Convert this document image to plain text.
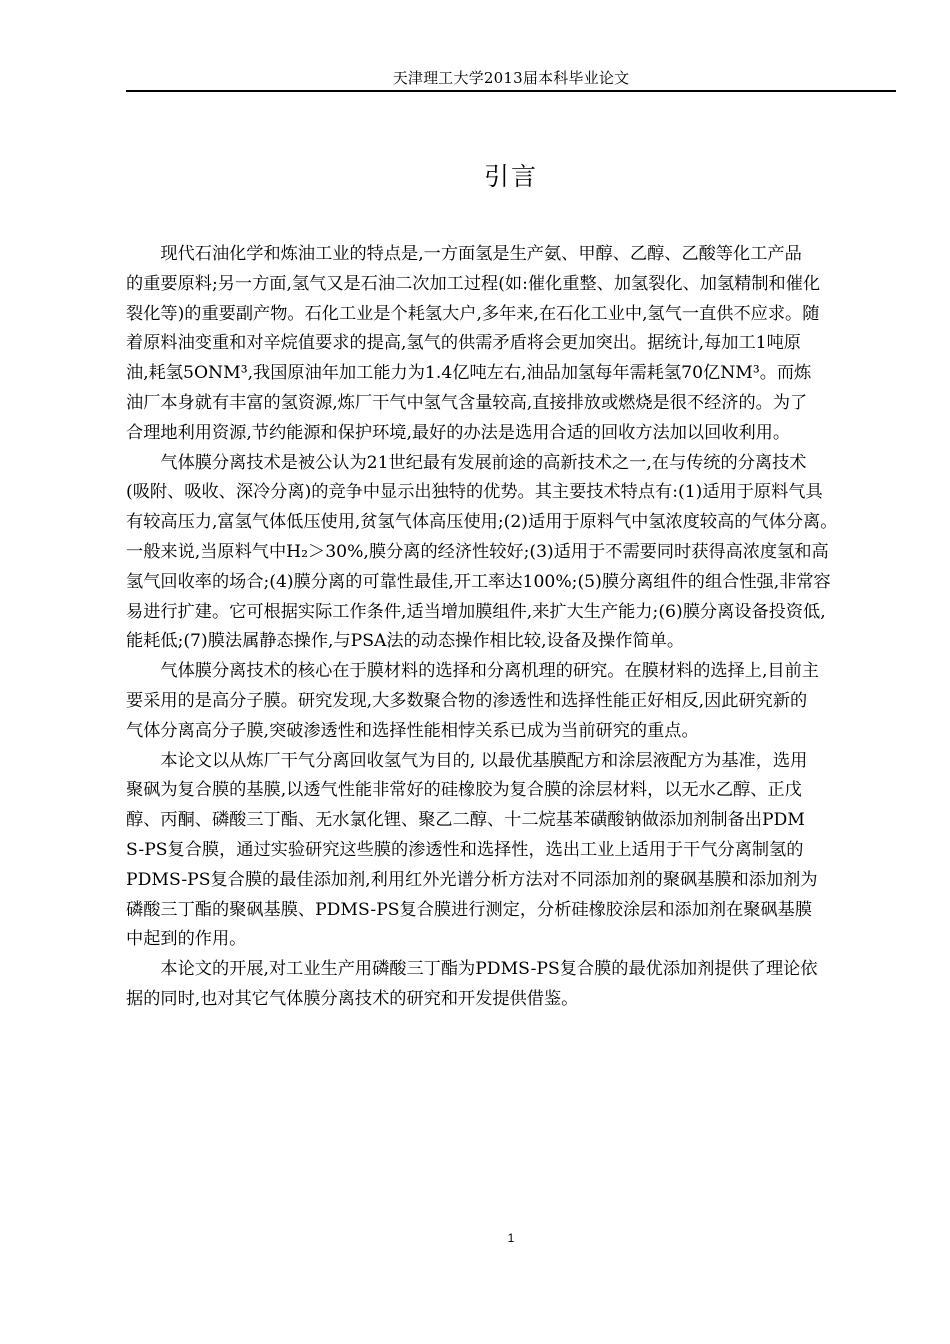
天津理工大学2013届本科毕业论文
引言

现代石油化学和炼油工业的特点是,一方面氢是生产氨、甲醇、乙醇、乙酸等化工产品
的重要原料;另一方面,氢气又是石油二次加工过程(如:催化重整、加氢裂化、加氢精制和催化
裂化等)的重要副产物。石化工业是个耗氢大户,多年来,在石化工业中,氢气一直供不应求。随
着原料油变重和对辛烷值要求的提高,氢气的供需矛盾将会更加突出。据统计,每加工1吨原
油,耗氢5ONM³,我国原油年加工能力为1.4亿吨左右,油品加氢每年需耗氢70亿NM³。而炼
油厂本身就有丰富的氢资源,炼厂干气中氢气含量较高,直接排放或燃烧是很不经济的。为了
合理地利用资源,节约能源和保护环境,最好的办法是选用合适的回收方法加以回收利用。

气体膜分离技术是被公认为21世纪最有发展前途的高新技术之一,在与传统的分离技术
(吸附、吸收、深冷分离)的竞争中显示出独特的优势。其主要技术特点有:(1)适用于原料气具
有较高压力,富氢气体低压使用,贫氢气体高压使用;(2)适用于原料气中氢浓度较高的气体分离。
一般来说,当原料气中H₂＞30%,膜分离的经济性较好;(3)适用于不需要同时获得高浓度氢和高
氢气回收率的场合;(4)膜分离的可靠性最佳,开工率达100%;(5)膜分离组件的组合性强,非常容
易进行扩建。它可根据实际工作条件,适当增加膜组件,来扩大生产能力;(6)膜分离设备投资低,
能耗低;(7)膜法属静态操作,与PSA法的动态操作相比较,设备及操作简单。

气体膜分离技术的核心在于膜材料的选择和分离机理的研究。在膜材料的选择上,目前主
要采用的是高分子膜。研究发现,大多数聚合物的渗透性和选择性能正好相反,因此研究新的
气体分离高分子膜,突破渗透性和选择性能相悖关系已成为当前研究的重点。

本论文以从炼厂干气分离回收氢气为目的, 以最优基膜配方和涂层液配方为基准，选用
聚砜为复合膜的基膜,以透气性能非常好的硅橡胶为复合膜的涂层材料，以无水乙醇、正戊
醇、丙酮、磷酸三丁酯、无水氯化锂、聚乙二醇、十二烷基苯磺酸钠做添加剂制备出PDM
S-PS复合膜，通过实验研究这些膜的渗透性和选择性，选出工业上适用于干气分离制氢的
PDMS-PS复合膜的最佳添加剂,利用红外光谱分析方法对不同添加剂的聚砜基膜和添加剂为
磷酸三丁酯的聚砜基膜、PDMS-PS复合膜进行测定，分析硅橡胶涂层和添加剂在聚砜基膜
中起到的作用。

本论文的开展,对工业生产用磷酸三丁酯为PDMS-PS复合膜的最优添加剂提供了理论依
据的同时,也对其它气体膜分离技术的研究和开发提供借鉴。

1
